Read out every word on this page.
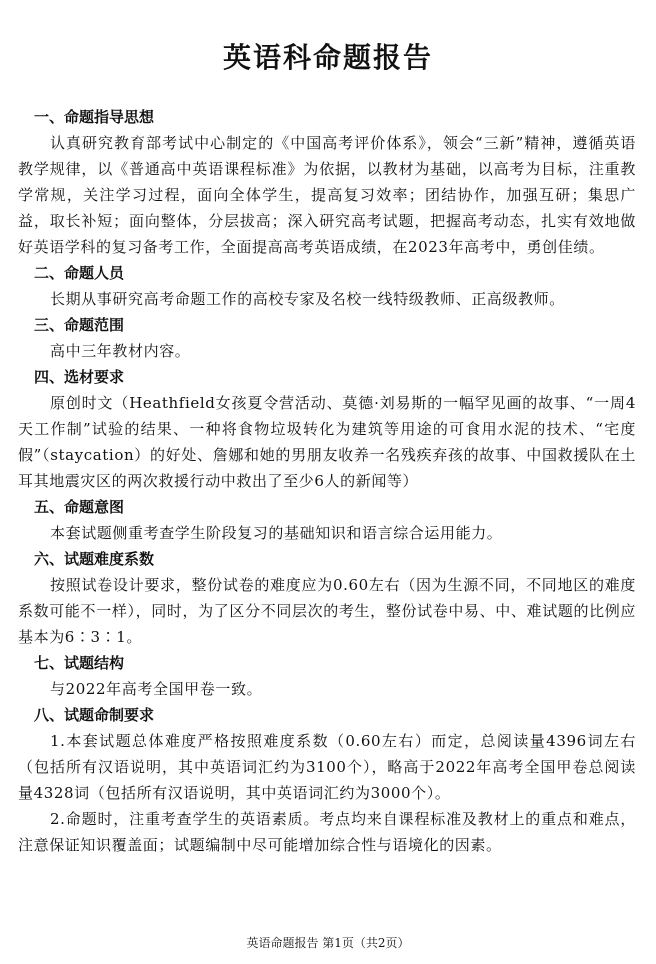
英语科命题报告
一、命题指导思想
认真研究教育部考试中心制定的《中国高考评价体系》，领会“三新”精神，遵循英语教学规律，以《普通高中英语课程标准》为依据，以教材为基础，以高考为目标，注重教学常规，关注学习过程，面向全体学生，提高复习效率；团结协作，加强互研；集思广益，取长补短；面向整体，分层拔高；深入研究高考试题，把握高考动态，扎实有效地做好英语学科的复习备考工作，全面提高高考英语成绩，在2023年高考中，勇创佳绩。
二、命题人员
长期从事研究高考命题工作的高校专家及名校一线特级教师、正高级教师。
三、命题范围
高中三年教材内容。
四、选材要求
原创时文（Heathfield女孩夏令营活动、莫德·刘易斯的一幅罕见画的故事、“一周4天工作制”试验的结果、一种将食物垃圾转化为建筑等用途的可食用水泥的技术、“宅度假”（staycation）的好处、詹娜和她的男朋友收养一名残疾弃孩的故事、中国救援队在土耳其地震灾区的两次救援行动中救出了至少6人的新闻等）
五、命题意图
本套试题侧重考查学生阶段复习的基础知识和语言综合运用能力。
六、试题难度系数
按照试卷设计要求，整份试卷的难度应为0.60左右（因为生源不同，不同地区的难度系数可能不一样），同时，为了区分不同层次的考生，整份试卷中易、中、难试题的比例应基本为6∶3∶1。
七、试题结构
与2022年高考全国甲卷一致。
八、试题命制要求
1.本套试题总体难度严格按照难度系数（0.60左右）而定，总阅读量4396词左右（包括所有汉语说明，其中英语词汇约为3100个），略高于2022年高考全国甲卷总阅读量4328词（包括所有汉语说明，其中英语词汇约为3000个）。
2.命题时，注重考查学生的英语素质。考点均来自课程标准及教材上的重点和难点，注意保证知识覆盖面；试题编制中尽可能增加综合性与语境化的因素。
英语命题报告 第1页（共2页）
